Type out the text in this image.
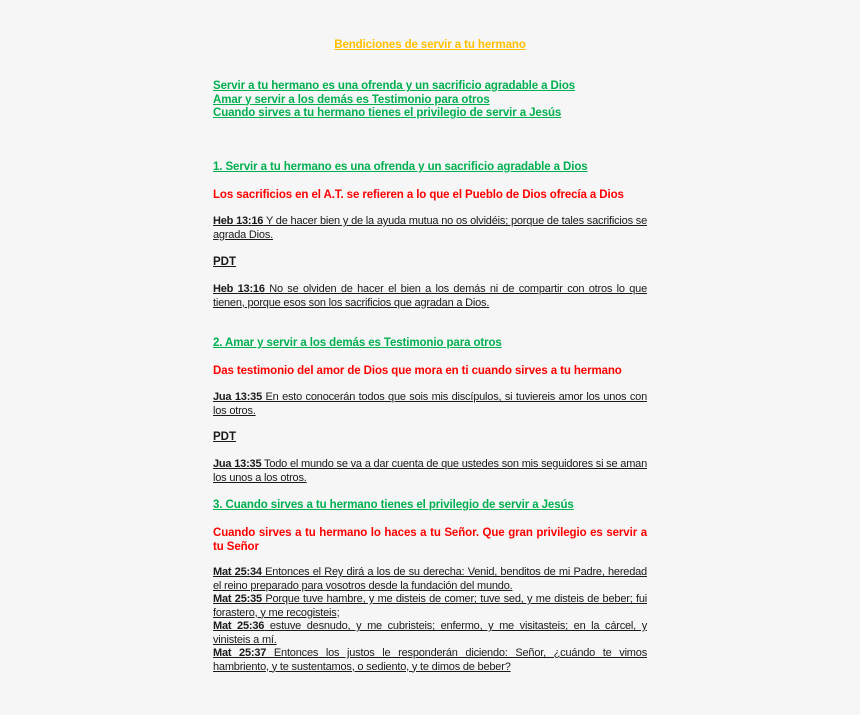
Bendiciones de servir a tu hermano
Servir a tu hermano es una ofrenda y un sacrificio agradable a Dios
Amar y servir a los demás es Testimonio para otros
Cuando sirves a tu hermano tienes el privilegio de servir a Jesús
1. Servir a tu hermano es una ofrenda y un sacrificio agradable a Dios
Los sacrificios en el A.T. se refieren a lo que el Pueblo de Dios ofrecía a Dios
Heb 13:16 Y de hacer bien y de la ayuda mutua no os olvidéis; porque de tales sacrificios se agrada Dios.
PDT
Heb 13:16 No se olviden de hacer el bien a los demás ni de compartir con otros lo que tienen, porque esos son los sacrificios que agradan a Dios.
2. Amar y servir a los demás es Testimonio para otros
Das testimonio del amor de Dios que mora en ti cuando sirves a tu hermano
Jua 13:35 En esto conocerán todos que sois mis discípulos, si tuviereis amor los unos con los otros.
PDT
Jua 13:35 Todo el mundo se va a dar cuenta de que ustedes son mis seguidores si se aman los unos a los otros.
3. Cuando sirves a tu hermano tienes el privilegio de servir a Jesús
Cuando sirves a tu hermano lo haces a tu Señor. Que gran privilegio es servir a tu Señor
Mat 25:34 Entonces el Rey dirá a los de su derecha: Venid, benditos de mi Padre, heredad el reino preparado para vosotros desde la fundación del mundo.
Mat 25:35 Porque tuve hambre, y me disteis de comer; tuve sed, y me disteis de beber; fui forastero, y me recogisteis;
Mat 25:36 estuve desnudo, y me cubristeis; enfermo, y me visitasteis; en la cárcel, y vinisteis a mí.
Mat 25:37 Entonces los justos le responderán diciendo: Señor, ¿cuándo te vimos hambriento, y te sustentamos, o sediento, y te dimos de beber?
